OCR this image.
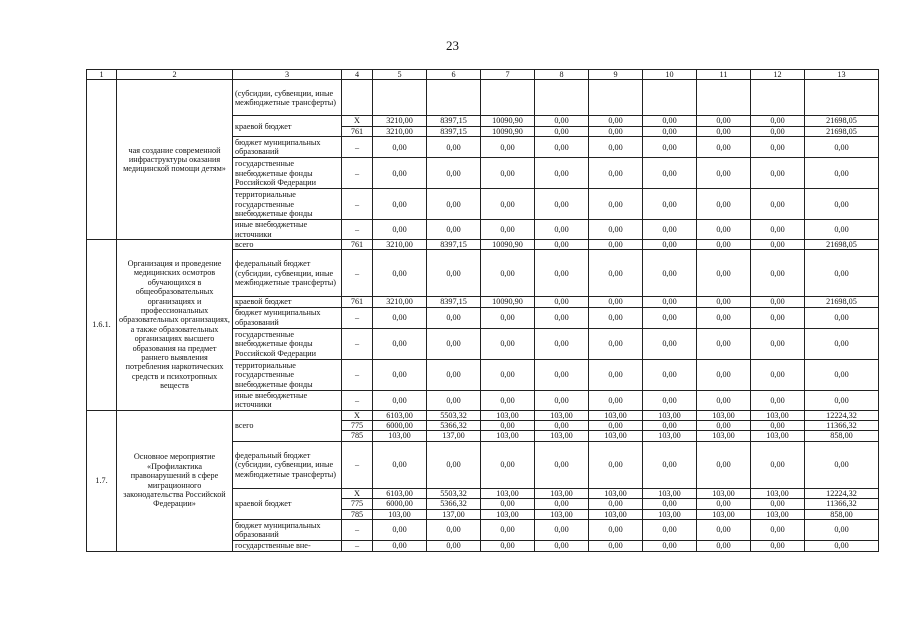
23
1	2	3	4	5	6	7	8	9	10	11	12	13
	чая создание современной инфраструктуры оказания медицинской помощи детям»	(субсидии, субвенции, иные межбюджетные трансферты)										
		краевой бюджет	X	3210,00	8397,15	10090,90	0,00	0,00	0,00	0,00	0,00	21698,05
			761	3210,00	8397,15	10090,90	0,00	0,00	0,00	0,00	0,00	21698,05
		бюджет муниципальных образований	–	0,00	0,00	0,00	0,00	0,00	0,00	0,00	0,00	0,00
		государственные внебюджетные фонды Российской Федерации	–	0,00	0,00	0,00	0,00	0,00	0,00	0,00	0,00	0,00
		территориальные государственные внебюджетные фонды	–	0,00	0,00	0,00	0,00	0,00	0,00	0,00	0,00	0,00
		иные внебюджетные источники	–	0,00	0,00	0,00	0,00	0,00	0,00	0,00	0,00	0,00
1.6.1.	Организация и проведение медицинских осмотров обучающихся в общеобразовательных организациях и профессиональных образовательных организациях, а также образовательных организациях высшего образования на предмет раннего выявления потребления наркотических средств и психотропных веществ	всего	761	3210,00	8397,15	10090,90	0,00	0,00	0,00	0,00	0,00	21698,05
		федеральный бюджет (субсидии, субвенции, иные межбюджетные трансферты)	–	0,00	0,00	0,00	0,00	0,00	0,00	0,00	0,00	0,00
		краевой бюджет	761	3210,00	8397,15	10090,90	0,00	0,00	0,00	0,00	0,00	21698,05
		бюджет муниципальных образований	–	0,00	0,00	0,00	0,00	0,00	0,00	0,00	0,00	0,00
		государственные внебюджетные фонды Российской Федерации	–	0,00	0,00	0,00	0,00	0,00	0,00	0,00	0,00	0,00
		территориальные государственные внебюджетные фонды	–	0,00	0,00	0,00	0,00	0,00	0,00	0,00	0,00	0,00
		иные внебюджетные источники	–	0,00	0,00	0,00	0,00	0,00	0,00	0,00	0,00	0,00
1.7.	Основное мероприятие «Профилактика правонарушений в сфере миграционного законодательства Российской Федерации»	всего	X	6103,00	5503,32	103,00	103,00	103,00	103,00	103,00	103,00	12224,32
			775	6000,00	5366,32	0,00	0,00	0,00	0,00	0,00	0,00	11366,32
			785	103,00	137,00	103,00	103,00	103,00	103,00	103,00	103,00	858,00
		федеральный бюджет (субсидии, субвенции, иные межбюджетные трансферты)	–	0,00	0,00	0,00	0,00	0,00	0,00	0,00	0,00	0,00
		краевой бюджет	X	6103,00	5503,32	103,00	103,00	103,00	103,00	103,00	103,00	12224,32
			775	6000,00	5366,32	0,00	0,00	0,00	0,00	0,00	0,00	11366,32
			785	103,00	137,00	103,00	103,00	103,00	103,00	103,00	103,00	858,00
		бюджет муниципальных образований	–	0,00	0,00	0,00	0,00	0,00	0,00	0,00	0,00	0,00
		государственные вне-	–	0,00	0,00	0,00	0,00	0,00	0,00	0,00	0,00	0,00
